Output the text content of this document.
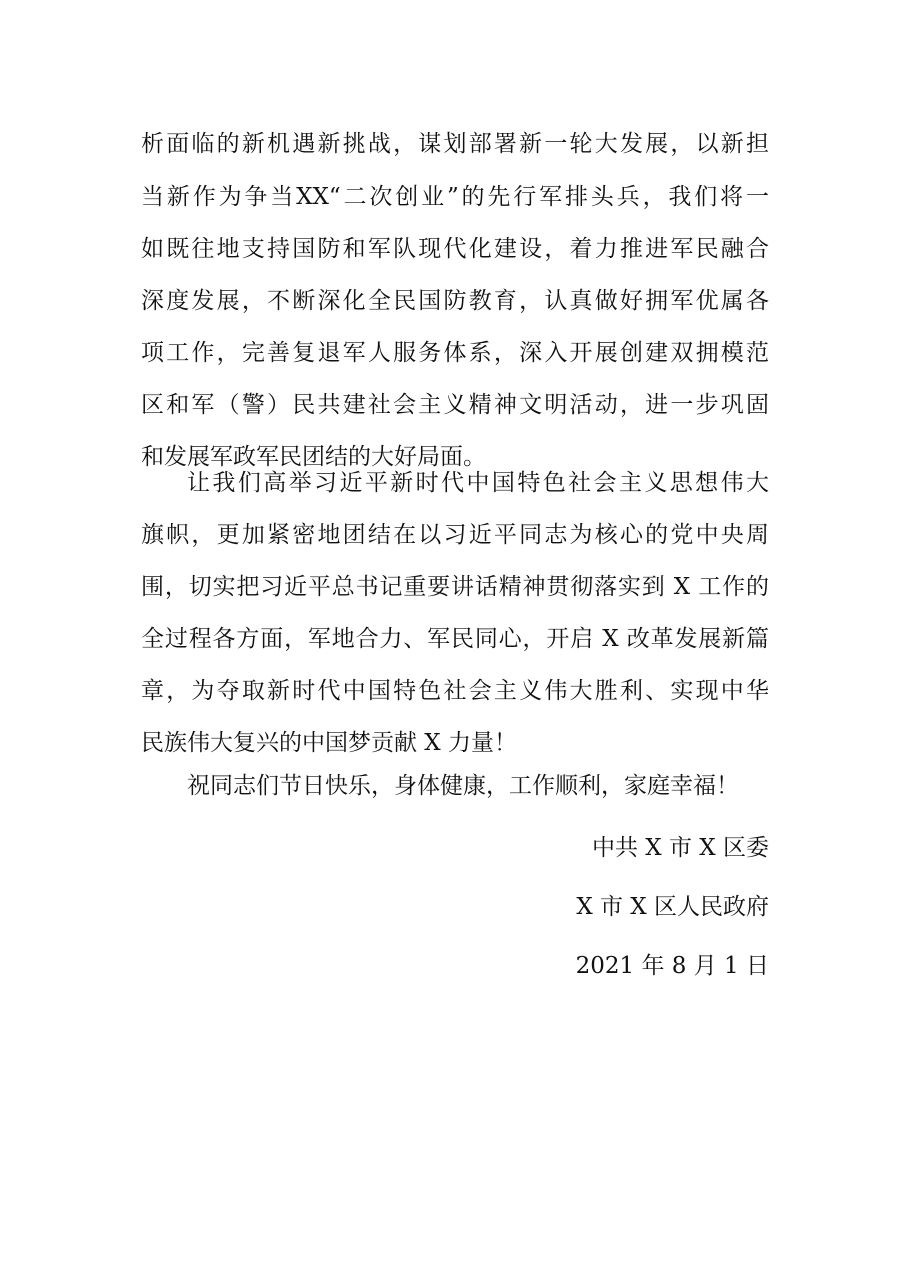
析面临的新机遇新挑战，谋划部署新一轮大发展，以新担
当新作为争当XX“二次创业”的先行军排头兵，我们将一
如既往地支持国防和军队现代化建设，着力推进军民融合
深度发展，不断深化全民国防教育，认真做好拥军优属各
项工作，完善复退军人服务体系，深入开展创建双拥模范
区和军（警）民共建社会主义精神文明活动，进一步巩固
和发展军政军民团结的大好局面。
让我们高举习近平新时代中国特色社会主义思想伟大
旗帜，更加紧密地团结在以习近平同志为核心的党中央周
围，切实把习近平总书记重要讲话精神贯彻落实到 X 工作的
全过程各方面，军地合力、军民同心，开启 X 改革发展新篇
章，为夺取新时代中国特色社会主义伟大胜利、实现中华
民族伟大复兴的中国梦贡献 X 力量！
祝同志们节日快乐，身体健康，工作顺利，家庭幸福！
中共 X 市 X 区委
X 市 X 区人民政府
2021 年 8 月 1 日
